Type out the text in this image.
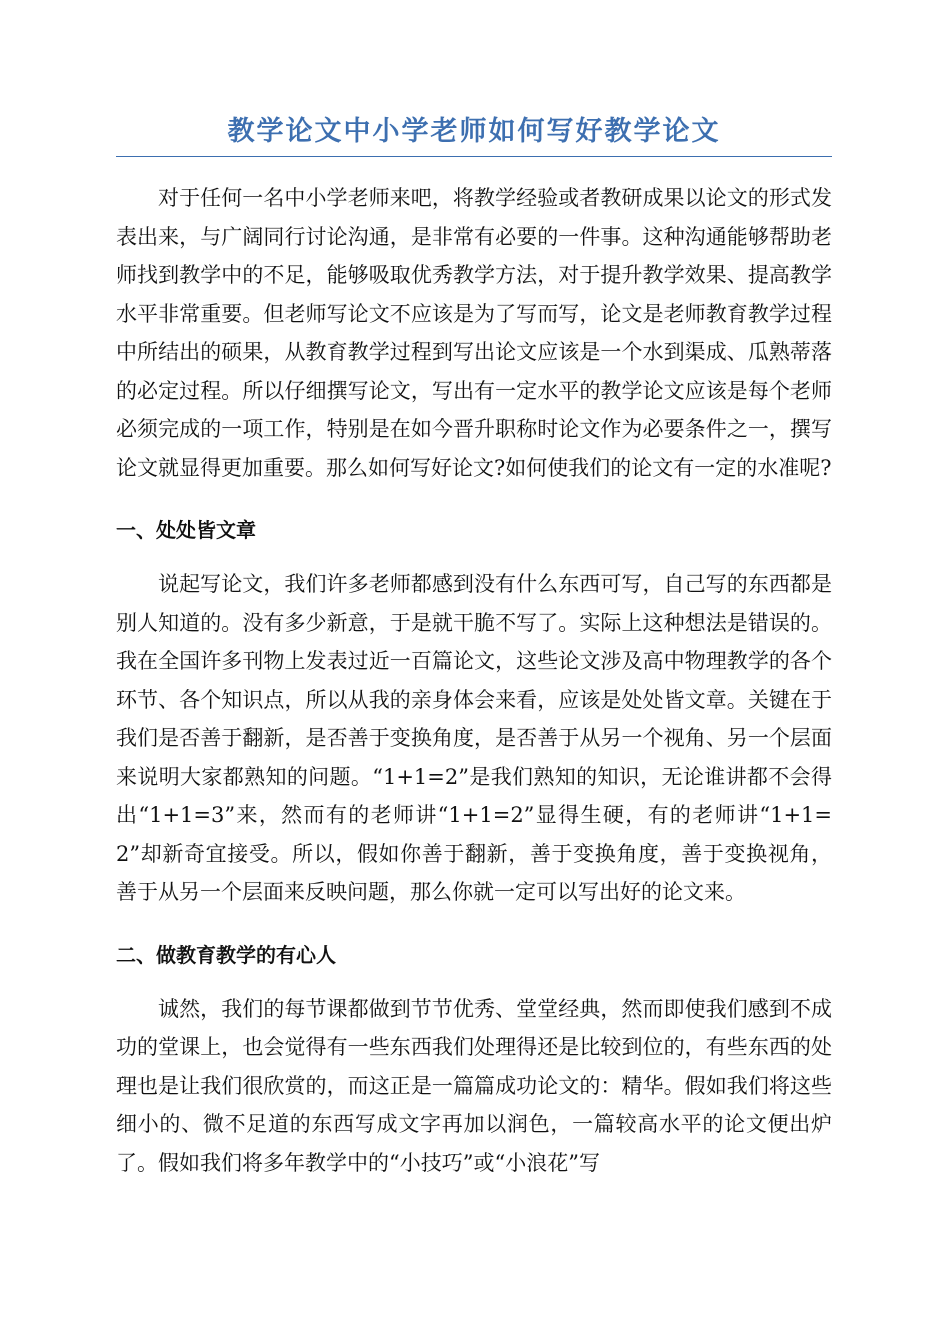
教学论文中小学老师如何写好教学论文

对于任何一名中小学老师来吧，将教学经验或者教研成果以论文的形式发表出来，与广阔同行讨论沟通，是非常有必要的一件事。这种沟通能够帮助老师找到教学中的不足，能够吸取优秀教学方法，对于提升教学效果、提高教学水平非常重要。但老师写论文不应该是为了写而写，论文是老师教育教学过程中所结出的硕果，从教育教学过程到写出论文应该是一个水到渠成、瓜熟蒂落的必定过程。所以仔细撰写论文，写出有一定水平的教学论文应该是每个老师必须完成的一项工作，特别是在如今晋升职称时论文作为必要条件之一，撰写论文就显得更加重要。那么如何写好论文?如何使我们的论文有一定的水准呢?

一、处处皆文章

说起写论文，我们许多老师都感到没有什么东西可写，自己写的东西都是别人知道的。没有多少新意，于是就干脆不写了。实际上这种想法是错误的。我在全国许多刊物上发表过近一百篇论文，这些论文涉及高中物理教学的各个环节、各个知识点，所以从我的亲身体会来看，应该是处处皆文章。关键在于我们是否善于翻新，是否善于变换角度，是否善于从另一个视角、另一个层面来说明大家都熟知的问题。“1+1=2”是我们熟知的知识，无论谁讲都不会得出“1+1=3”来，然而有的老师讲“1+1=2”显得生硬，有的老师讲“1+1=2”却新奇宜接受。所以，假如你善于翻新，善于变换角度，善于变换视角，善于从另一个层面来反映问题，那么你就一定可以写出好的论文来。

二、做教育教学的有心人

诚然，我们的每节课都做到节节优秀、堂堂经典，然而即使我们感到不成功的堂课上，也会觉得有一些东西我们处理得还是比较到位的，有些东西的处理也是让我们很欣赏的，而这正是一篇篇成功论文的：精华。假如我们将这些细小的、微不足道的东西写成文字再加以润色，一篇较高水平的论文便出炉了。假如我们将多年教学中的“小技巧”或“小浪花”写
